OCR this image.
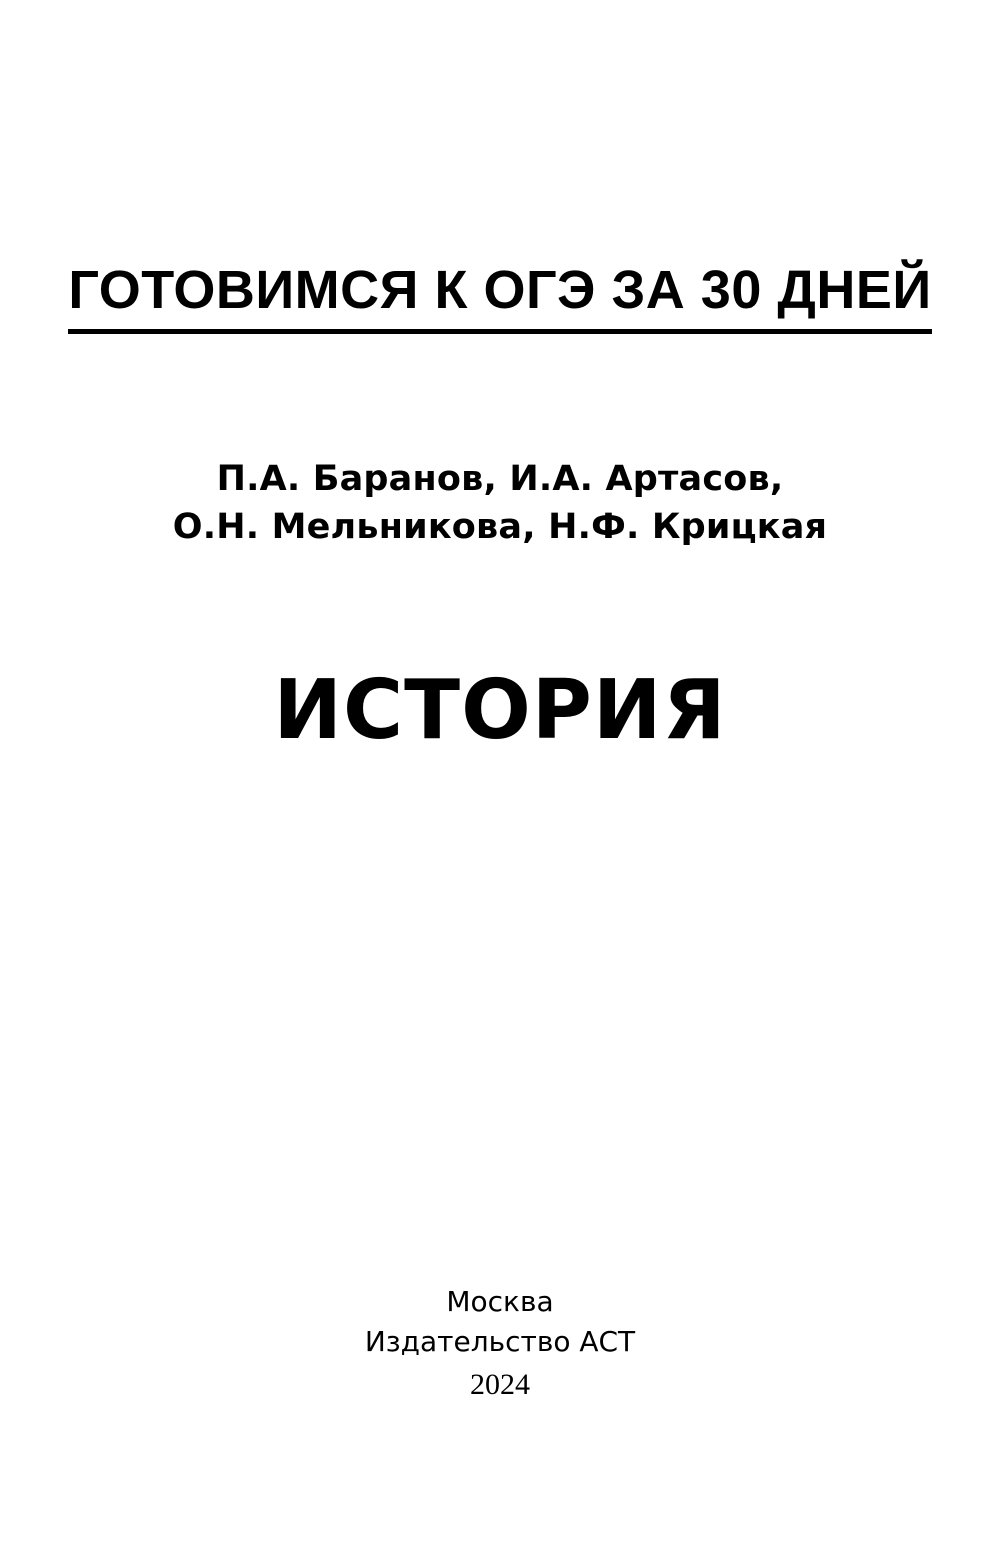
ГОТОВИМСЯ К ОГЭ ЗА 30 ДНЕЙ
П.А. Баранов, И.А. Артасов,
О.Н. Мельникова, Н.Ф. Крицкая
ИСТОРИЯ
Москва
Издательство АСТ
2024
